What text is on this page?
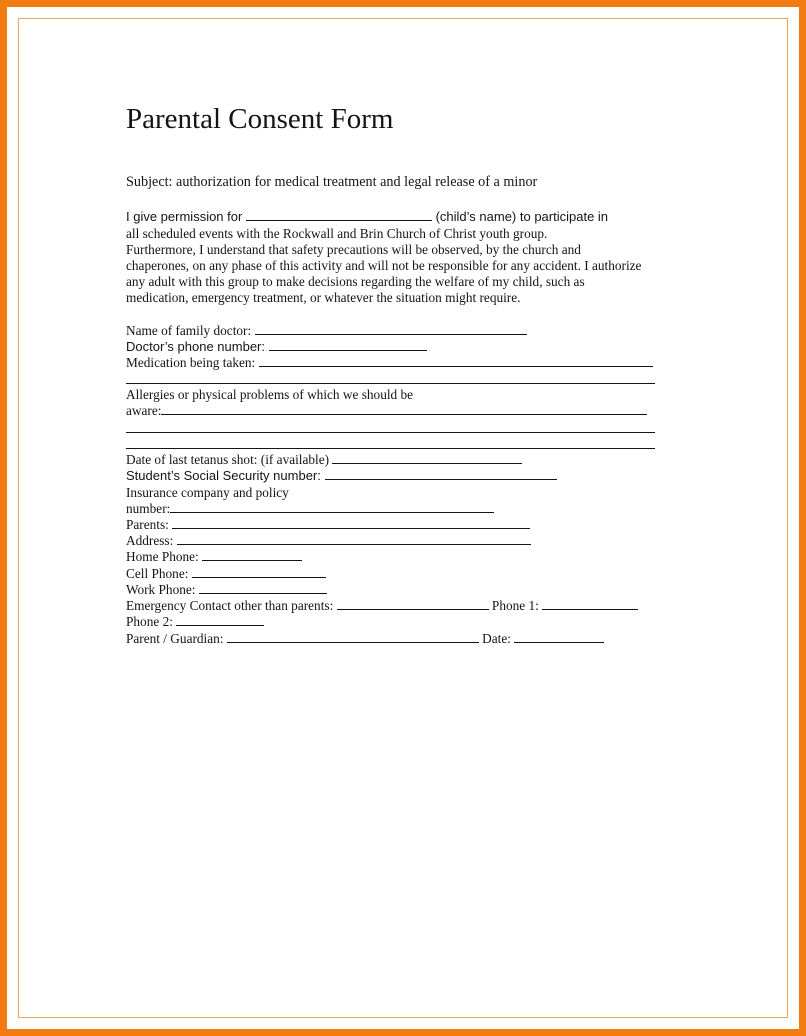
Parental Consent Form
Subject: authorization for medical treatment and legal release of a minor
I give permission for	(child’s name) to participate in
all scheduled events with the Rockwall and Brin Church of Christ youth group.
Furthermore, I understand that safety precautions will be observed, by the church and
chaperones, on any phase of this activity and will not be responsible for any accident. I authorize
any adult with this group to make decisions regarding the welfare of my child, such as
medication, emergency treatment, or whatever the situation might require.
Name of family doctor:
Doctor’s phone number:
Medication being taken:
Allergies or physical problems of which we should be
aware:
Date of last tetanus shot: (if available)
Student’s Social Security number:
Insurance company and policy
number:
Parents:
Address:
Home Phone:
Cell Phone:
Work Phone:
Emergency Contact other than parents:	Phone 1:
Phone 2:
Parent / Guardian:	Date:
